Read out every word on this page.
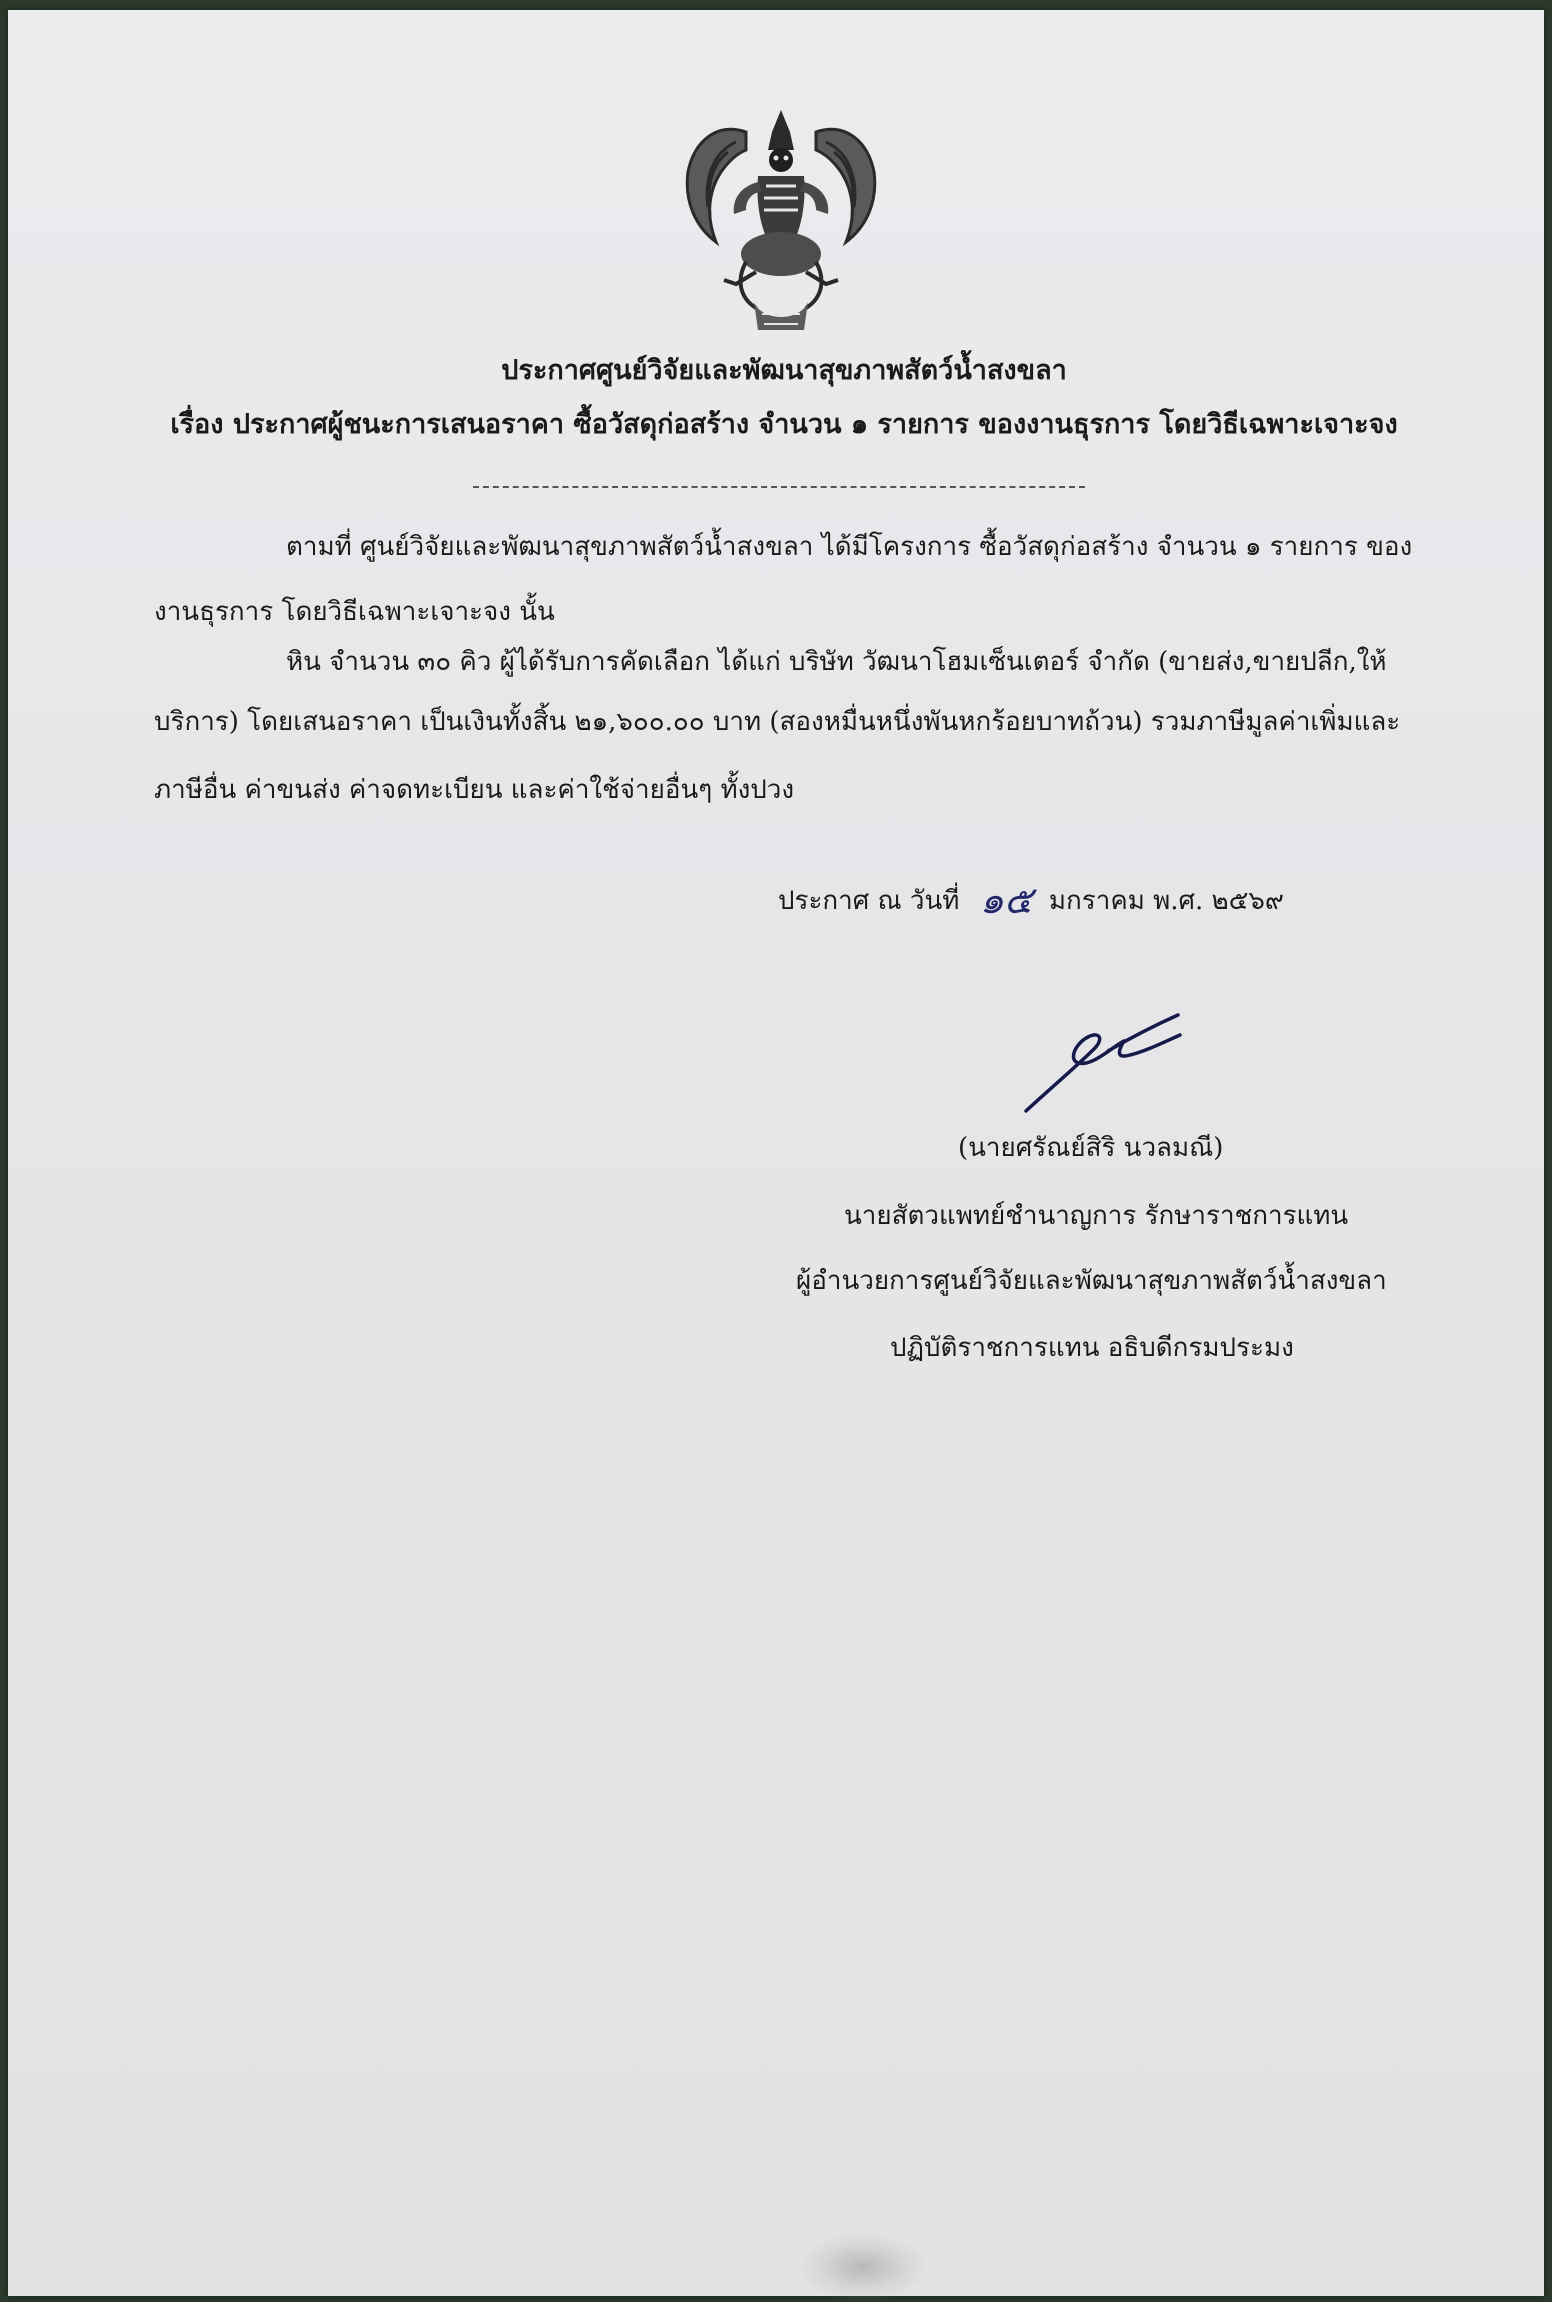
ประกาศศูนย์วิจัยและพัฒนาสุขภาพสัตว์น้ำสงขลา
เรื่อง ประกาศผู้ชนะการเสนอราคา ซื้อวัสดุก่อสร้าง จำนวน ๑ รายการ ของงานธุรการ โดยวิธีเฉพาะเจาะจง
ตามที่ ศูนย์วิจัยและพัฒนาสุขภาพสัตว์น้ำสงขลา ได้มีโครงการ ซื้อวัสดุก่อสร้าง จำนวน ๑ รายการ ของ
งานธุรการ โดยวิธีเฉพาะเจาะจง นั้น
หิน จำนวน ๓๐ คิว ผู้ได้รับการคัดเลือก ได้แก่ บริษัท วัฒนาโฮมเซ็นเตอร์ จำกัด (ขายส่ง,ขายปลีก,ให้
บริการ) โดยเสนอราคา เป็นเงินทั้งสิ้น ๒๑,๖๐๐.๐๐ บาท (สองหมื่นหนึ่งพันหกร้อยบาทถ้วน) รวมภาษีมูลค่าเพิ่มและ
ภาษีอื่น ค่าขนส่ง ค่าจดทะเบียน และค่าใช้จ่ายอื่นๆ ทั้งปวง
ประกาศ ณ วันที่ ๑๕ มกราคม พ.ศ. ๒๕๖๙
(นายศรัณย์สิริ นวลมณี)
นายสัตวแพทย์ชำนาญการ รักษาราชการแทน
ผู้อำนวยการศูนย์วิจัยและพัฒนาสุขภาพสัตว์น้ำสงขลา
ปฏิบัติราชการแทน อธิบดีกรมประมง
